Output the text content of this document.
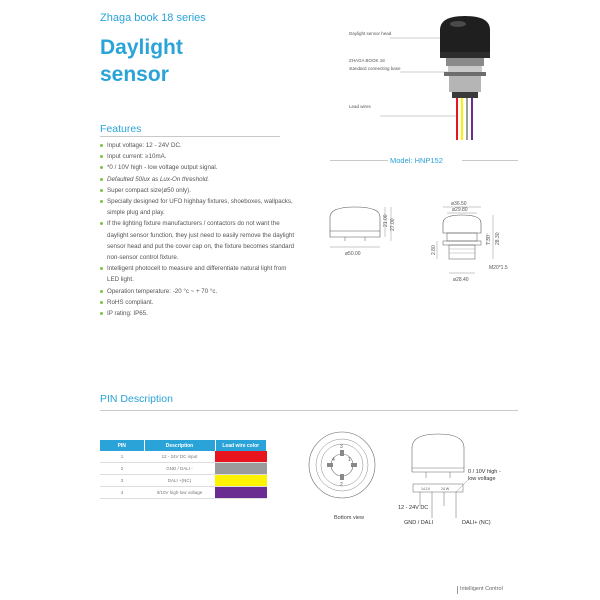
Zhaga book 18 series
Daylight
sensor
Daylight sensor head
ZHAGA BOOK 18
standard connecting base
Lead wires
Features
Input voltage: 12 - 24V DC.
Input current: ≥10mA.
*0 / 10V high - low voltage output signal.
Defaulted 50lux as Lux-On threshold.
Super compact size(ø50 only).
Specially designed for UFO highbay fixtures, shoeboxes, wallpacks, simple plug and play.
If the lighting fixture manufacturers / contactors do not want the daylight sensor function, they just need to easily remove the daylight sensor head and put the cover cap on, the fixture becomes standard non-sensor control fixture.
Intelligent photocell to measure and differentiate natural light from LED light.
Operation temperature: -20 °c ~ + 70 °c.
RoHS compliant.
IP rating: IP65.
Model: HNP152
ø50.00
21.00 27.00
ø36.50
ø29.80
ø28.40
2.80
7.30 28.30
M20*1.5
PIN Description
PIN	Description	Lead wire color
1	12 - 24V DC input	
2	GND / DALI -	
3	DALI +(NC)	
4	0/10V high-low voltage	
3
4	1
2
Bottom view
14.1V	24 W
12 - 24V DC
0 / 10V high -
low voltage
GND / DALI	DALI+ (NC)
Intelligent Control
